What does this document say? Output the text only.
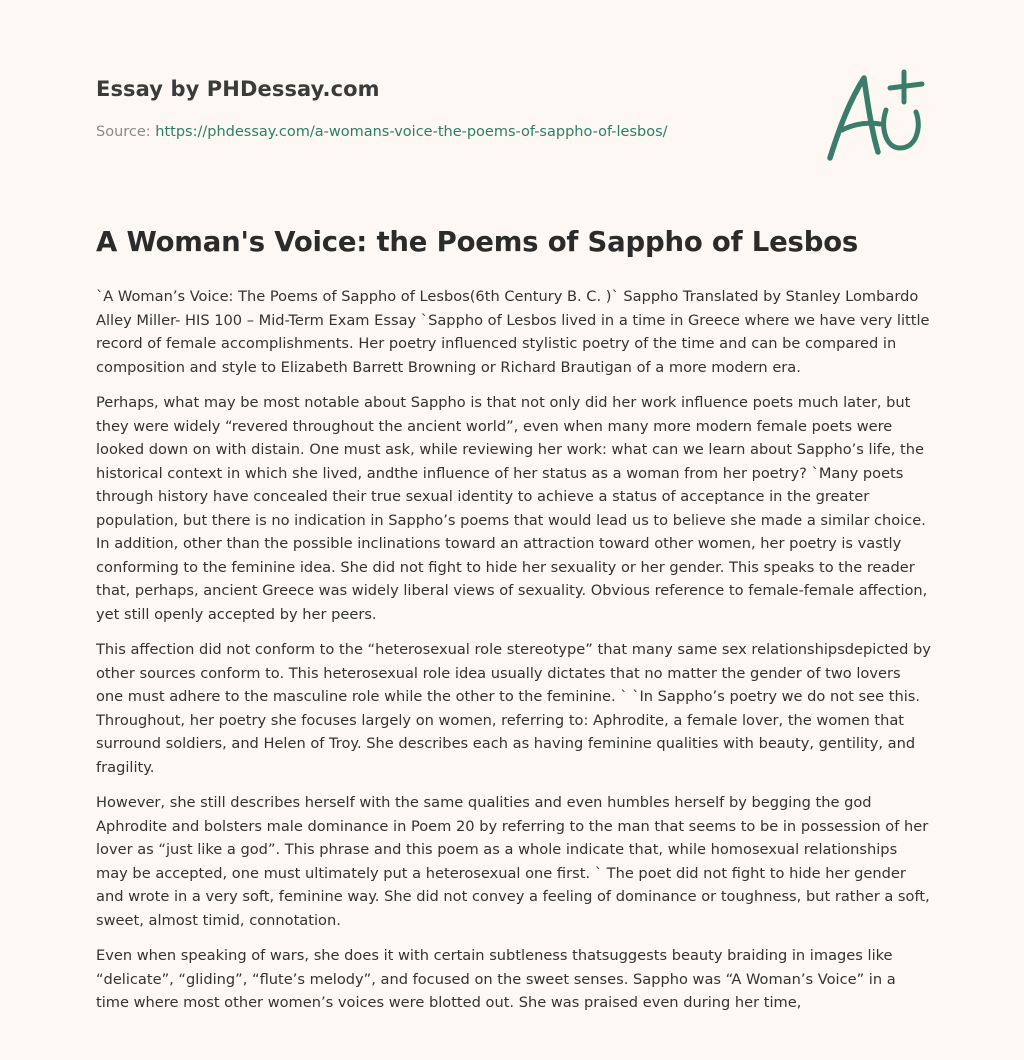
Essay by PHDessay.com
Source: https://phdessay.com/a-womans-voice-the-poems-of-sappho-of-lesbos/
A Woman's Voice: the Poems of Sappho of Lesbos

`A Woman’s Voice: The Poems of Sappho of Lesbos(6th Century B. C. )` Sappho Translated by Stanley Lombardo Alley Miller- HIS 100 – Mid-Term Exam Essay `Sappho of Lesbos lived in a time in Greece where we have very little record of female accomplishments. Her poetry influenced stylistic poetry of the time and can be compared in composition and style to Elizabeth Barrett Browning or Richard Brautigan of a more modern era.

Perhaps, what may be most notable about Sappho is that not only did her work influence poets much later, but they were widely “revered throughout the ancient world”, even when many more modern female poets were looked down on with distain. One must ask, while reviewing her work: what can we learn about Sappho’s life, the historical context in which she lived, andthe influence of her status as a woman from her poetry? `Many poets through history have concealed their true sexual identity to achieve a status of acceptance in the greater population, but there is no indication in Sappho’s poems that would lead us to believe she made a similar choice. In addition, other than the possible inclinations toward an attraction toward other women, her poetry is vastly conforming to the feminine idea. She did not fight to hide her sexuality or her gender. This speaks to the reader that, perhaps, ancient Greece was widely liberal views of sexuality. Obvious reference to female-female affection, yet still openly accepted by her peers.

This affection did not conform to the “heterosexual role stereotype” that many same sex relationshipsdepicted by other sources conform to. This heterosexual role idea usually dictates that no matter the gender of two lovers one must adhere to the masculine role while the other to the feminine. ` `In Sappho’s poetry we do not see this. Throughout, her poetry she focuses largely on women, referring to: Aphrodite, a female lover, the women that surround soldiers, and Helen of Troy. She describes each as having feminine qualities with beauty, gentility, and fragility.

However, she still describes herself with the same qualities and even humbles herself by begging the god Aphrodite and bolsters male dominance in Poem 20 by referring to the man that seems to be in possession of her lover as “just like a god”. This phrase and this poem as a whole indicate that, while homosexual relationships may be accepted, one must ultimately put a heterosexual one first. ` The poet did not fight to hide her gender and wrote in a very soft, feminine way. She did not convey a feeling of dominance or toughness, but rather a soft, sweet, almost timid, connotation.

Even when speaking of wars, she does it with certain subtleness thatsuggests beauty braiding in images like “delicate”, “gliding”, “flute’s melody”, and focused on the sweet senses. Sappho was “A Woman’s Voice” in a time where most other women’s voices were blotted out. She was praised even during her time,
